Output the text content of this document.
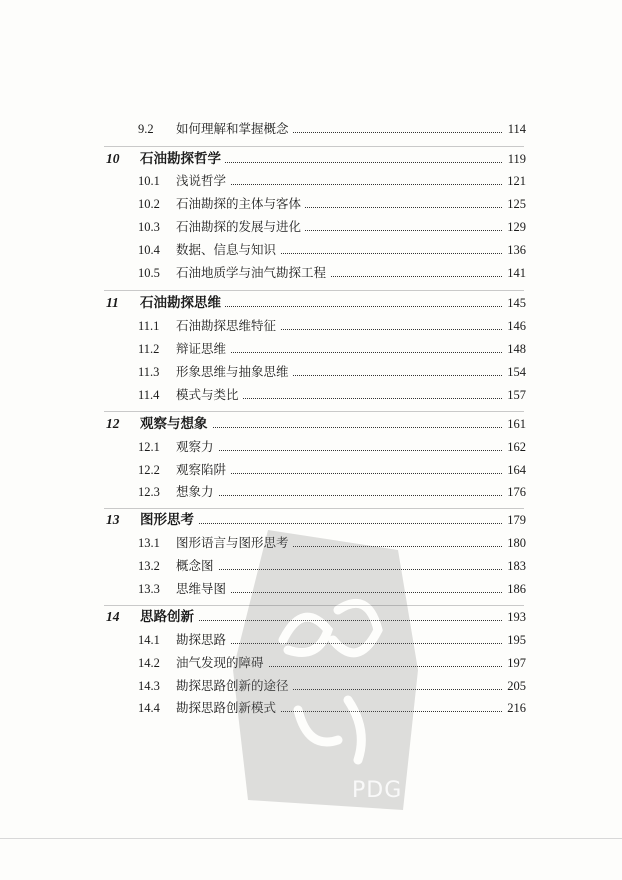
9.2 如何理解和掌握概念	114
10 石油勘探哲学	119
10.1 浅说哲学	121
10.2 石油勘探的主体与客体	125
10.3 石油勘探的发展与进化	129
10.4 数据、信息与知识	136
10.5 石油地质学与油气勘探工程	141
11 石油勘探思维	145
11.1 石油勘探思维特征	146
11.2 辩证思维	148
11.3 形象思维与抽象思维	154
11.4 模式与类比	157
12 观察与想象	161
12.1 观察力	162
12.2 观察陷阱	164
12.3 想象力	176
13 图形思考	179
13.1 图形语言与图形思考	180
13.2 概念图	183
13.3 思维导图	186
14 思路创新	193
14.1 勘探思路	195
14.2 油气发现的障碍	197
14.3 勘探思路创新的途径	205
14.4 勘探思路创新模式	216
PDG
